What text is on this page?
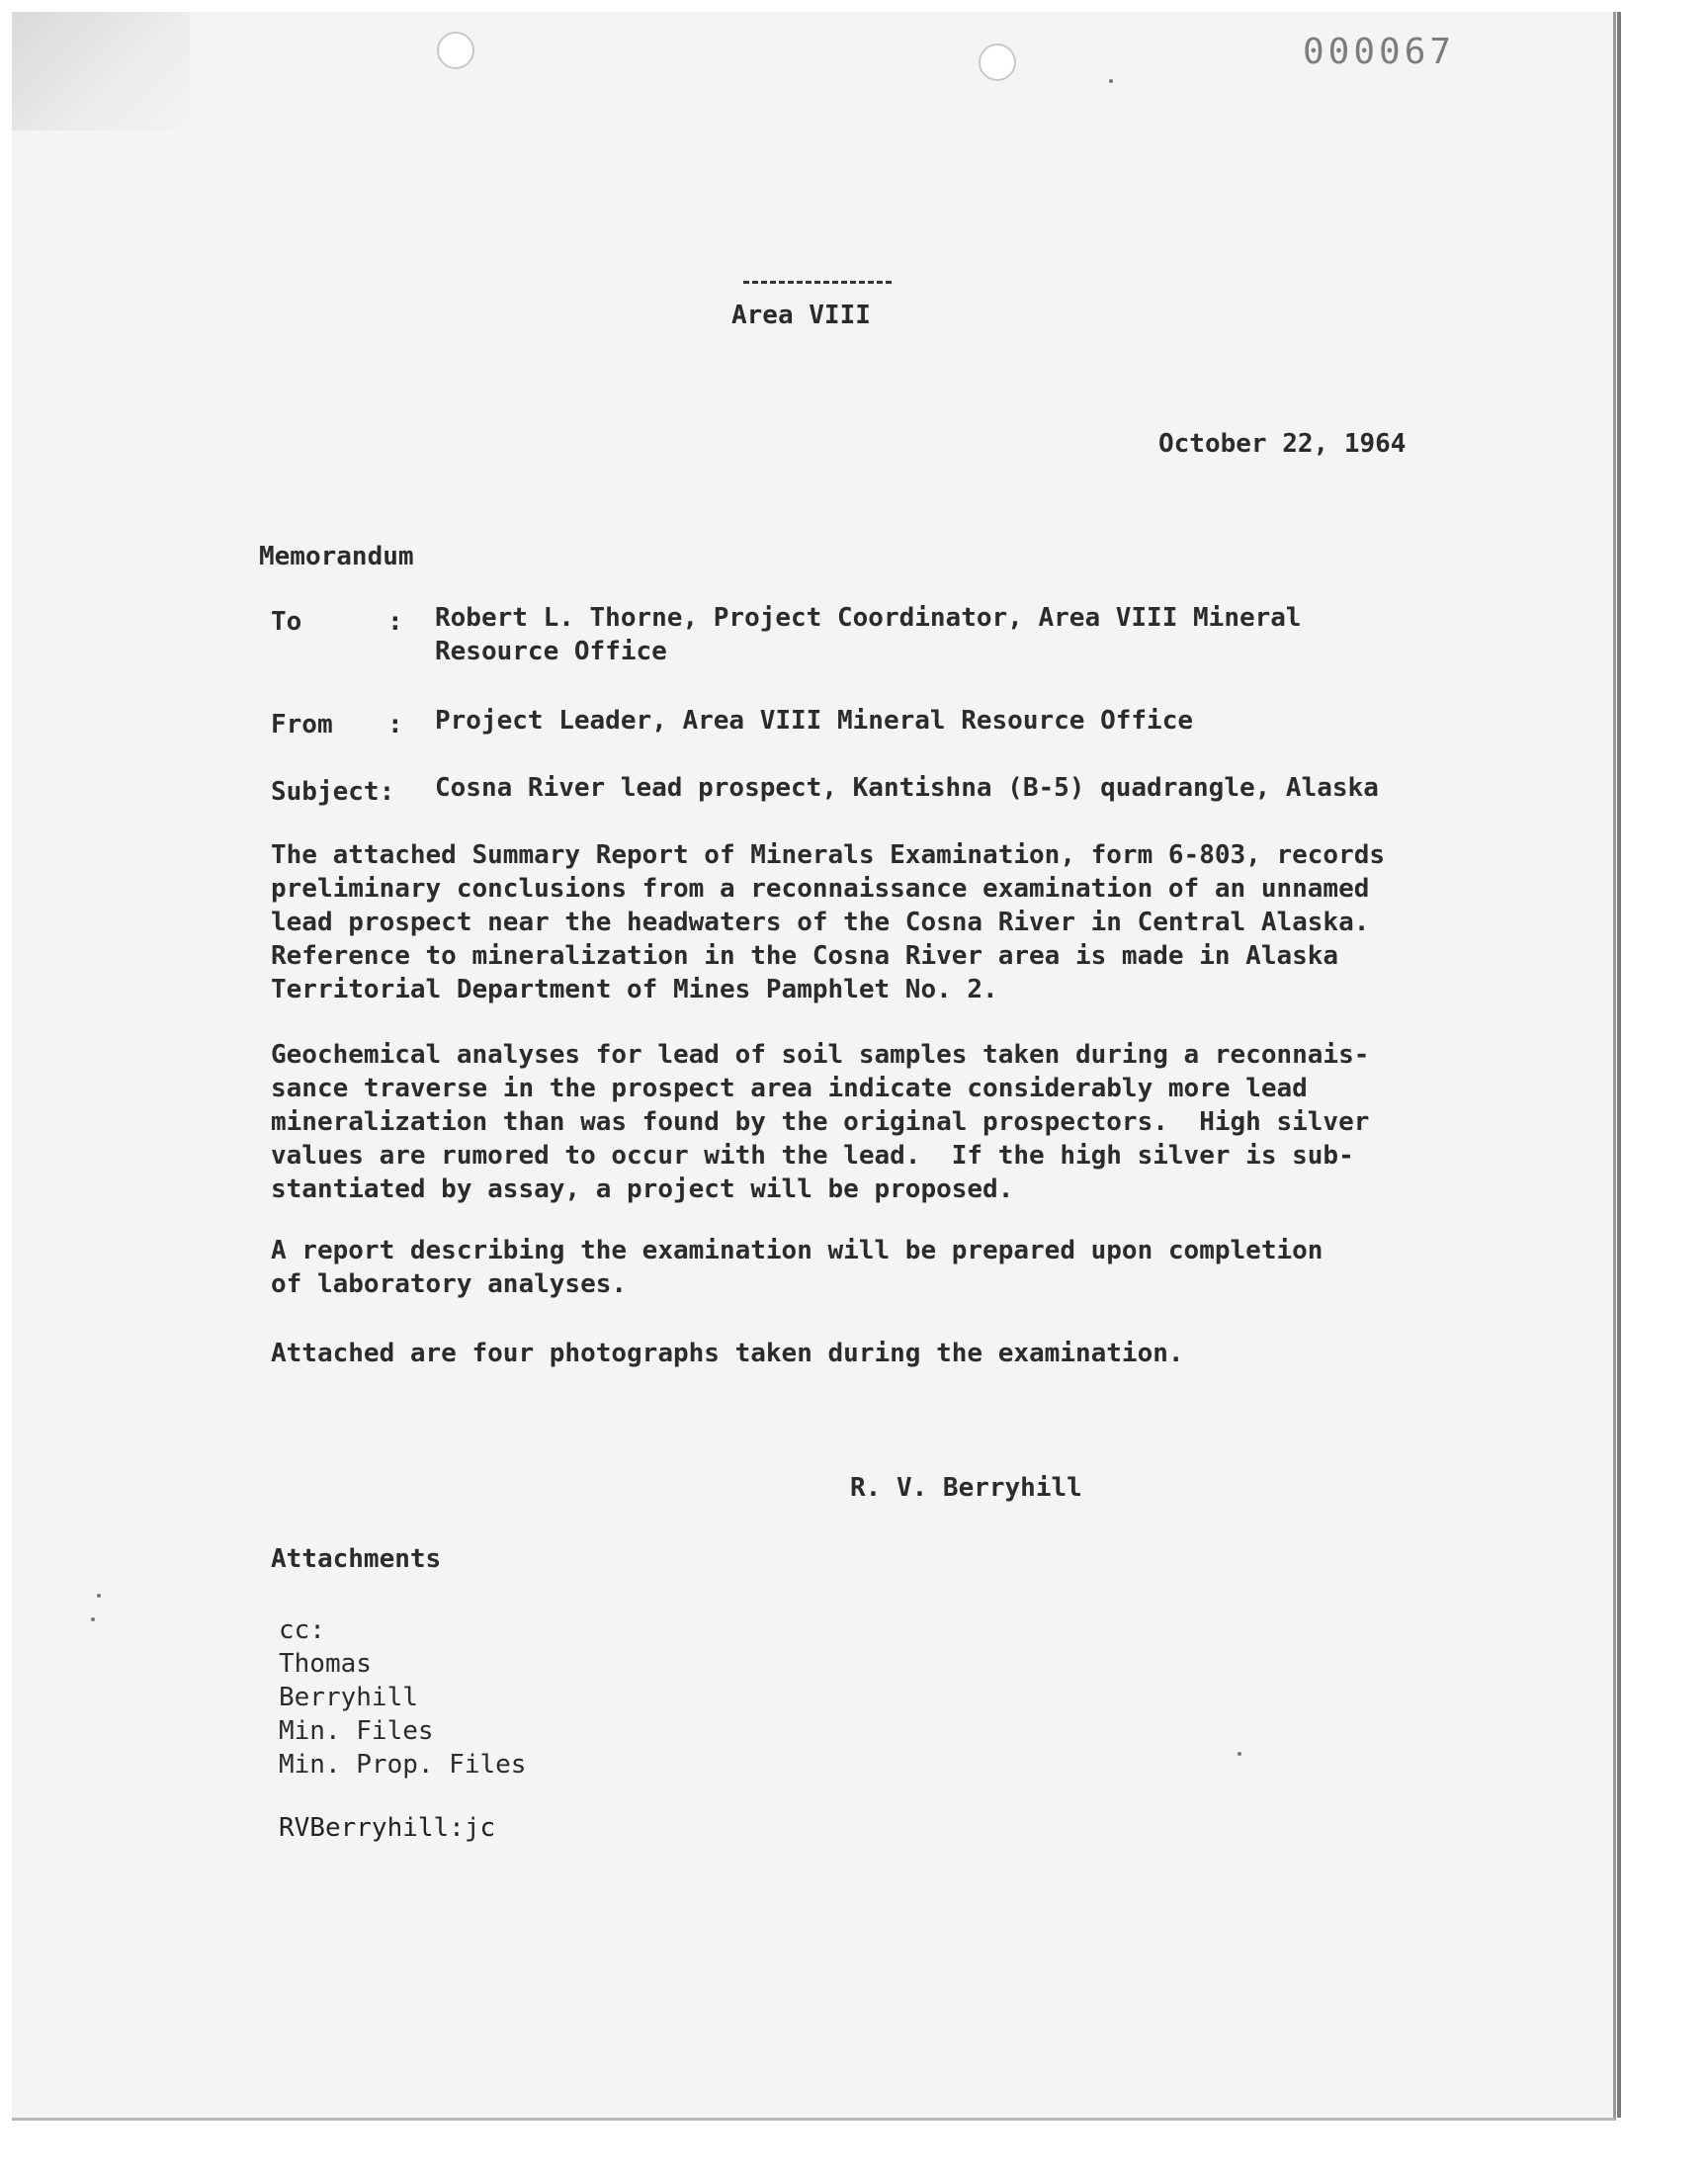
000067
Area VIII
October 22, 1964
Memorandum
To	: Robert L. Thorne, Project Coordinator, Area VIII Mineral
Resource Office
From : Project Leader, Area VIII Mineral Resource Office
Subject: Cosna River lead prospect, Kantishna (B-5) quadrangle, Alaska
The attached Summary Report of Minerals Examination, form 6-803, records
preliminary conclusions from a reconnaissance examination of an unnamed
lead prospect near the headwaters of the Cosna River in Central Alaska.
Reference to mineralization in the Cosna River area is made in Alaska
Territorial Department of Mines Pamphlet No. 2.
Geochemical analyses for lead of soil samples taken during a reconnais-
sance traverse in the prospect area indicate considerably more lead
mineralization than was found by the original prospectors.  High silver
values are rumored to occur with the lead.  If the high silver is sub-
stantiated by assay, a project will be proposed.
A report describing the examination will be prepared upon completion
of laboratory analyses.
Attached are four photographs taken during the examination.
R. V. Berryhill
Attachments
cc:
Thomas
Berryhill
Min. Files
Min. Prop. Files
RVBerryhill:jc
